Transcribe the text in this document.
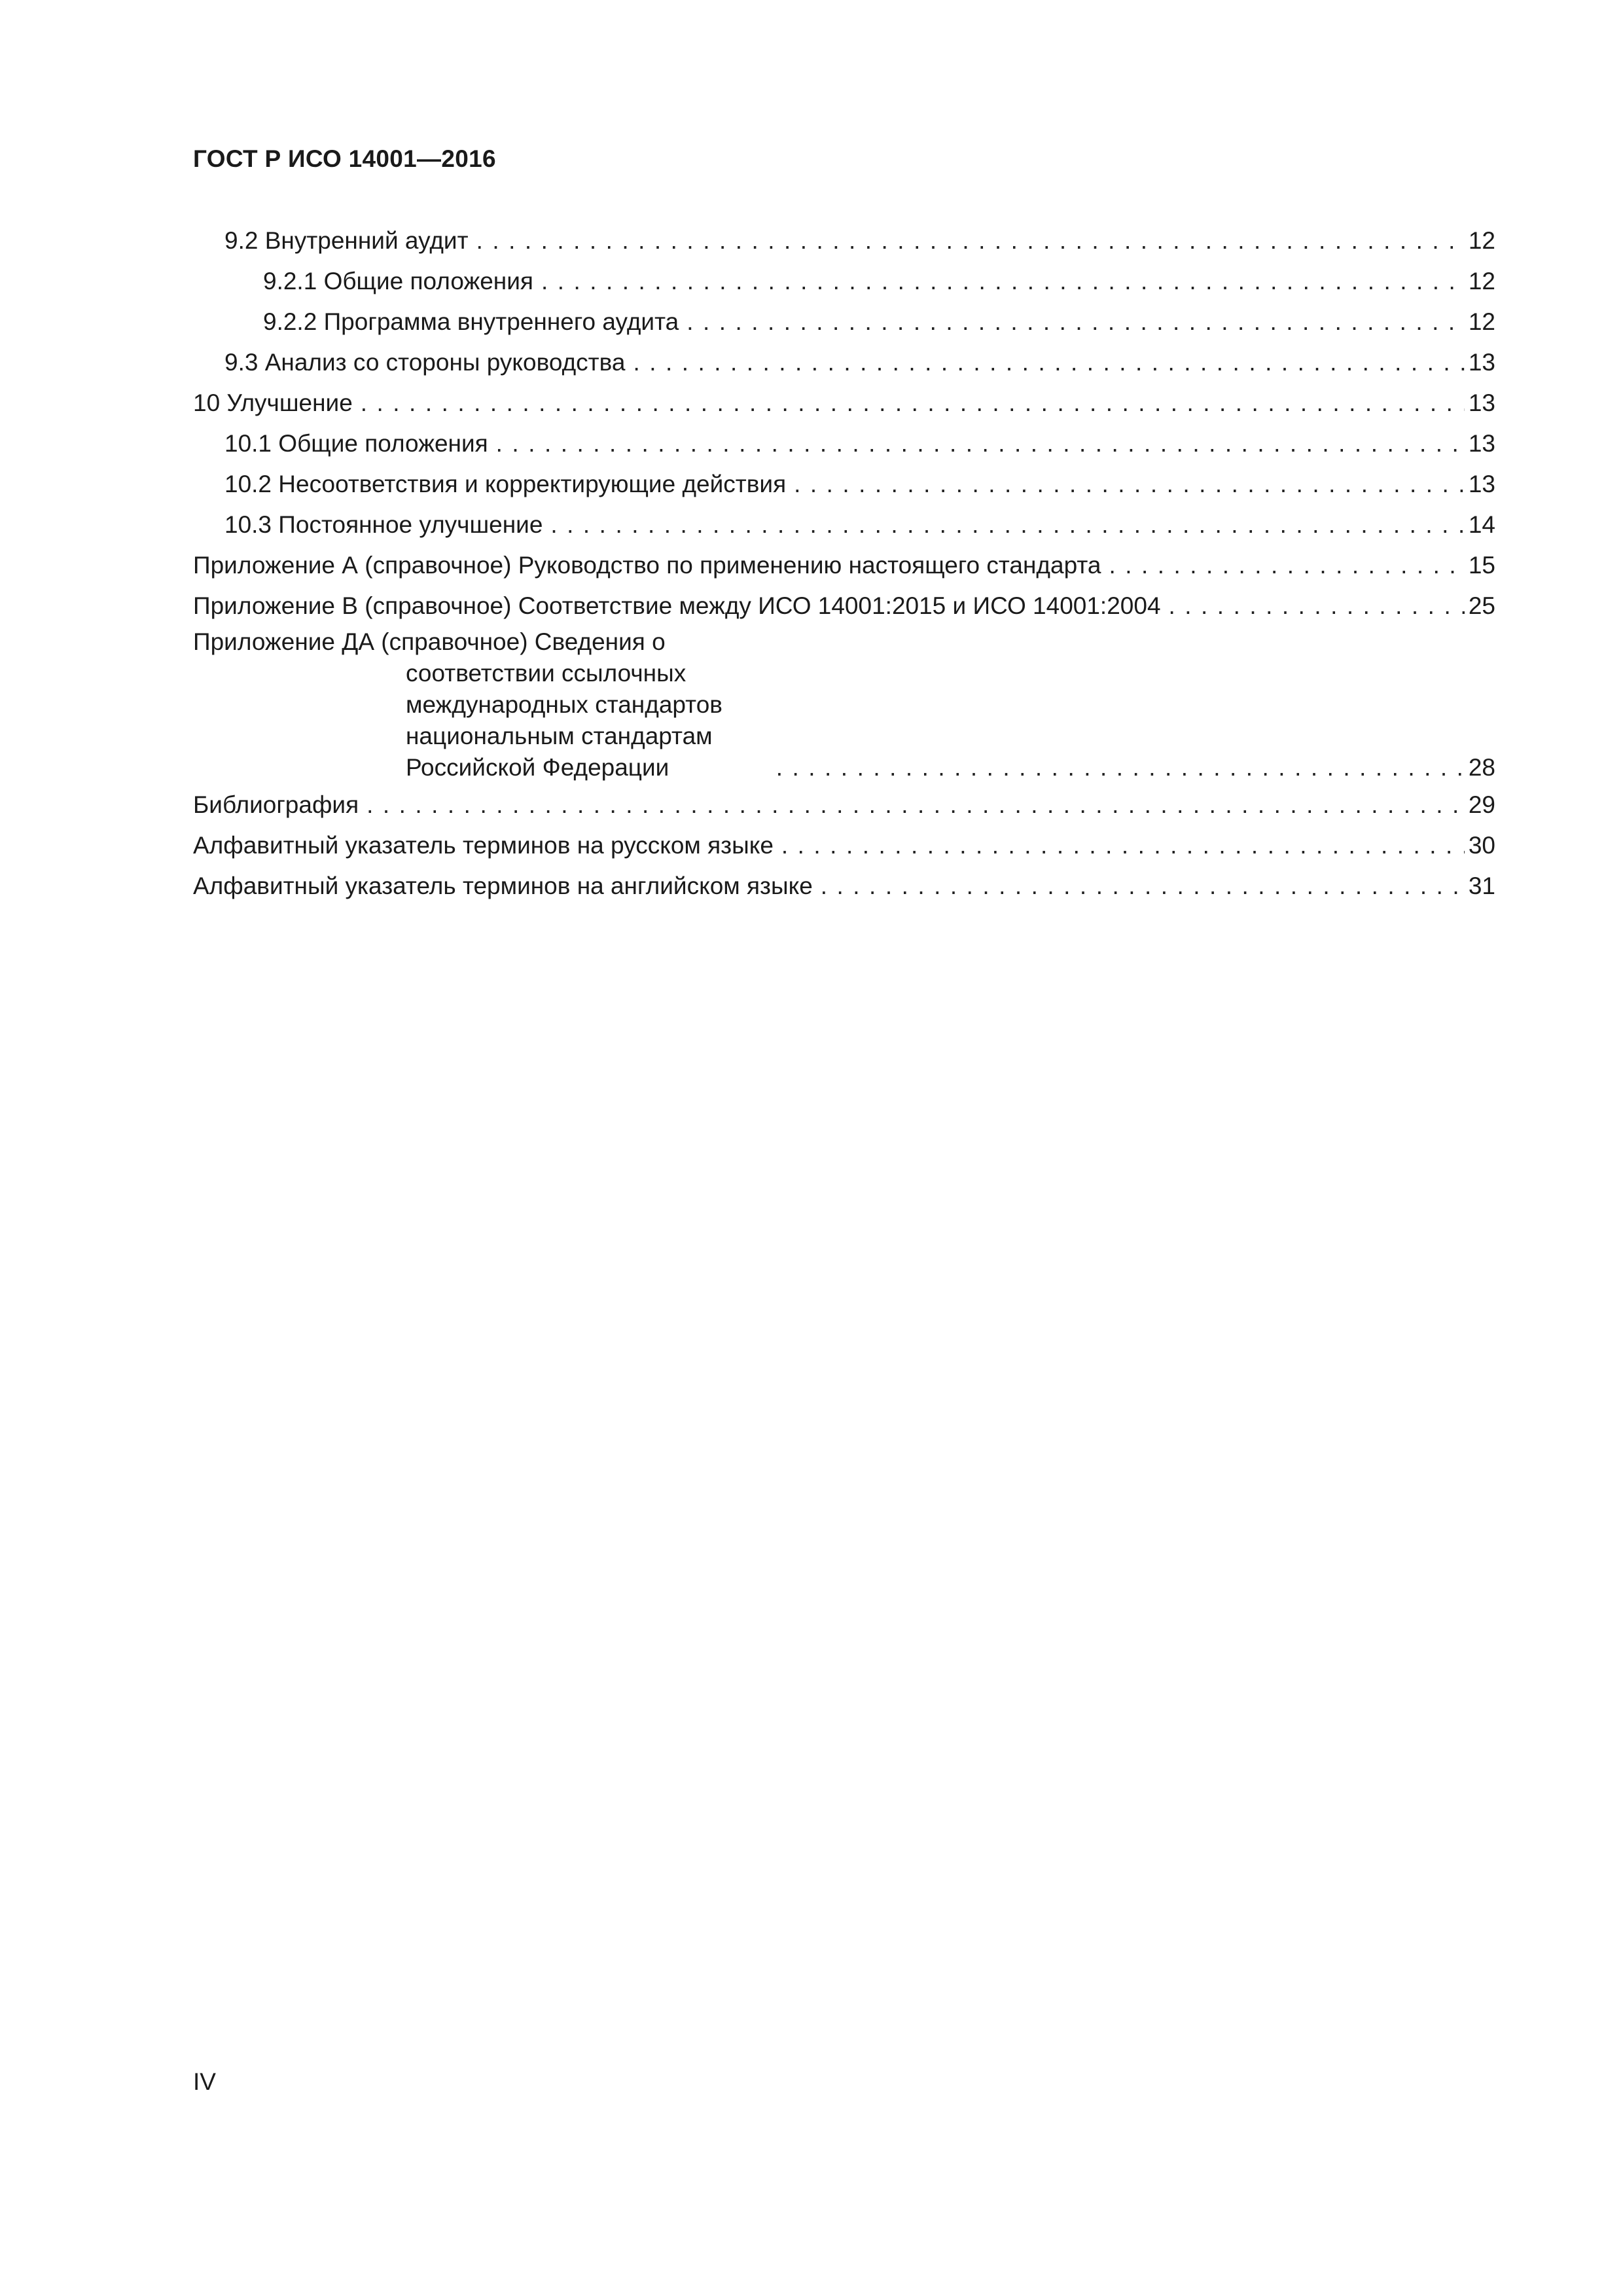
ГОСТ Р ИСО 14001—2016
9.2 Внутренний аудит . . .	12
9.2.1 Общие положения . . .	12
9.2.2 Программа внутреннего аудита . . .	12
9.3 Анализ со стороны руководства . . .	13
10 Улучшение . . .	13
10.1 Общие положения . . .	13
10.2 Несоответствия и корректирующие действия . . .	13
10.3 Постоянное улучшение . . .	14
Приложение А (справочное) Руководство по применению настоящего стандарта . . .	15
Приложение В (справочное) Соответствие между ИСО 14001:2015 и ИСО 14001:2004 . . .	25
Приложение ДА (справочное) Сведения о соответствии ссылочных международных стандартов национальным стандартам Российской Федерации . . .	28
Библиография . . .	29
Алфавитный указатель терминов на русском языке . . .	30
Алфавитный указатель терминов на английском языке . . .	31
IV
